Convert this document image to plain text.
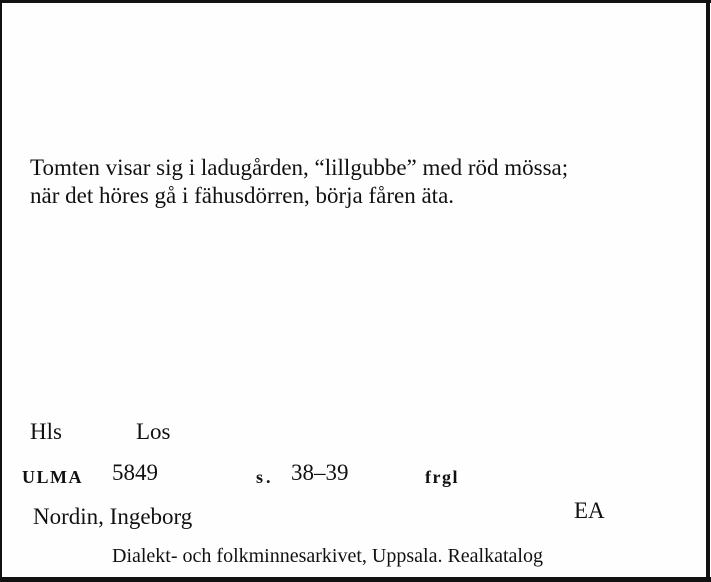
Tomten visar sig i ladugården, “lillgubbe” med röd mössa;
när det höres gå i fähusdörren, börja fåren äta.
Hls	Los
ULMA 5849	s. 38–39	frgl
Nordin, Ingeborg	EA
Dialekt- och folkminnesarkivet, Uppsala. Realkatalog
